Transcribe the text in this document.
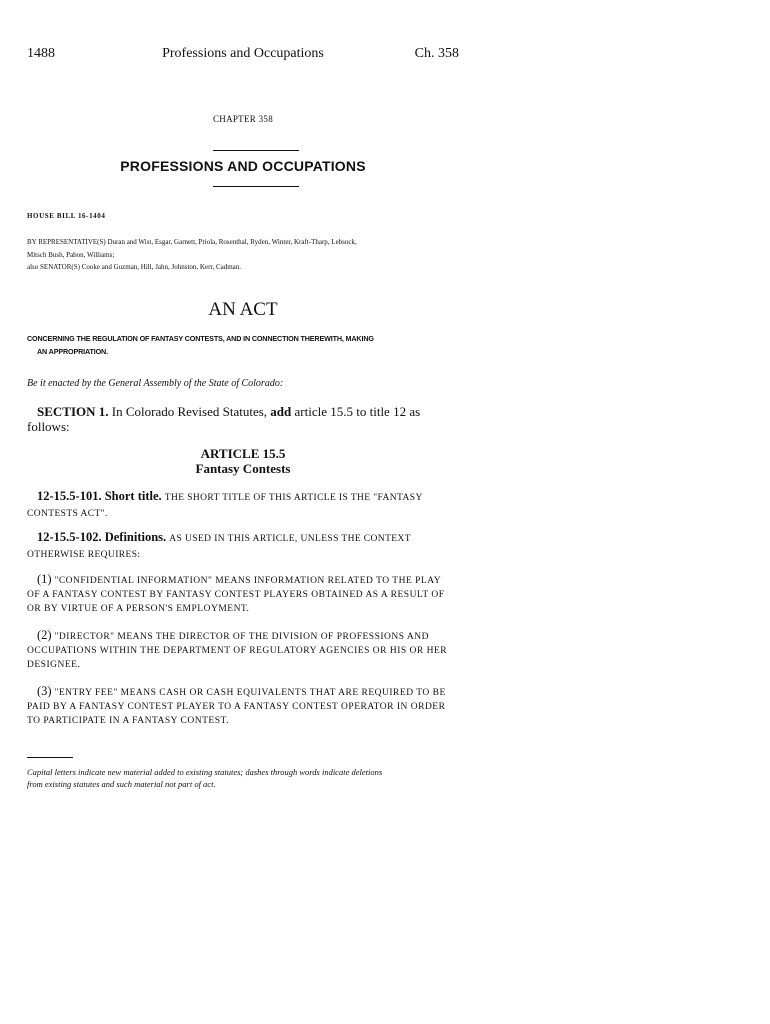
1488	Professions and Occupations	Ch. 358
CHAPTER 358
PROFESSIONS AND OCCUPATIONS
HOUSE BILL 16-1404
BY REPRESENTATIVE(S) Duran and Wist, Esgar, Garnett, Priola, Rosenthal, Ryden, Winter, Kraft-Tharp, Lebsock,
Mitsch Bush, Pabon, Williams;
also SENATOR(S) Cooke and Guzman, Hill, Jahn, Johnston, Kerr, Cadman.
AN ACT
CONCERNING THE REGULATION OF FANTASY CONTESTS, AND IN CONNECTION THEREWITH, MAKING
AN APPROPRIATION.
Be it enacted by the General Assembly of the State of Colorado:
SECTION 1. In Colorado Revised Statutes, add article 15.5 to title 12 as
follows:
ARTICLE 15.5
Fantasy Contests
12-15.5-101. Short title. THE SHORT TITLE OF THIS ARTICLE IS THE "FANTASY
CONTESTS ACT".
12-15.5-102. Definitions. AS USED IN THIS ARTICLE, UNLESS THE CONTEXT
OTHERWISE REQUIRES:
(1) "CONFIDENTIAL INFORMATION" MEANS INFORMATION RELATED TO THE PLAY
OF A FANTASY CONTEST BY FANTASY CONTEST PLAYERS OBTAINED AS A RESULT OF
OR BY VIRTUE OF A PERSON'S EMPLOYMENT.
(2) "DIRECTOR" MEANS THE DIRECTOR OF THE DIVISION OF PROFESSIONS AND
OCCUPATIONS WITHIN THE DEPARTMENT OF REGULATORY AGENCIES OR HIS OR HER
DESIGNEE.
(3) "ENTRY FEE" MEANS CASH OR CASH EQUIVALENTS THAT ARE REQUIRED TO BE
PAID BY A FANTASY CONTEST PLAYER TO A FANTASY CONTEST OPERATOR IN ORDER
TO PARTICIPATE IN A FANTASY CONTEST.
Capital letters indicate new material added to existing statutes; dashes through words indicate deletions
from existing statutes and such material not part of act.
